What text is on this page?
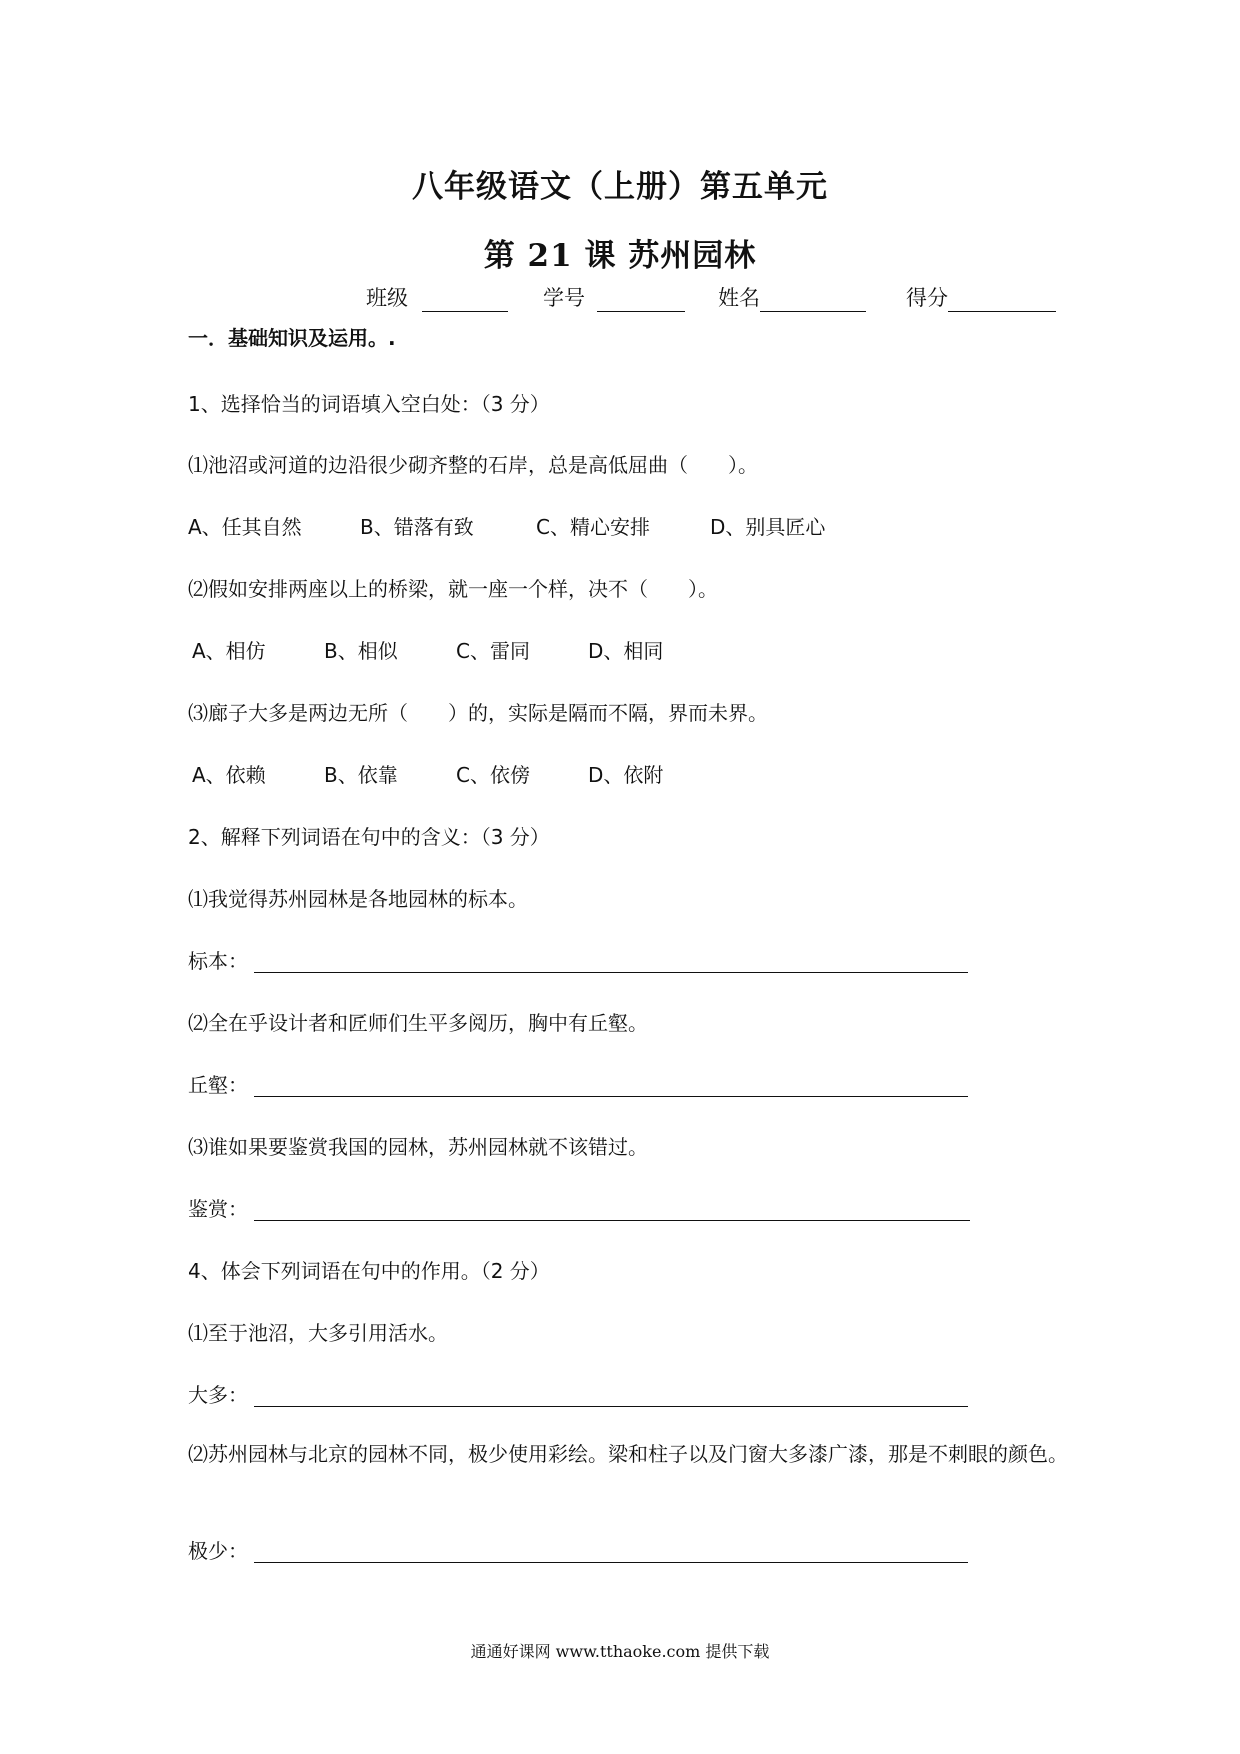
八年级语文（上册）第五单元
第 21 课 苏州园林
班级	学号	姓名	得分
一．基础知识及运用。.
1、选择恰当的词语填入空白处：（3 分）
⑴池沼或河道的边沿很少砌齐整的石岸，总是高低屈曲（　　）。
A、任其自然	B、错落有致	C、精心安排	D、别具匠心
⑵假如安排两座以上的桥梁，就一座一个样，决不（　　）。
A、相仿	B、相似	C、雷同	D、相同
⑶廊子大多是两边无所（　　）的，实际是隔而不隔，界而未界。
A、依赖	B、依靠	C、依傍	D、依附
2、解释下列词语在句中的含义：（3 分）
⑴我觉得苏州园林是各地园林的标本。
标本：
⑵全在乎设计者和匠师们生平多阅历，胸中有丘壑。
丘壑：
⑶谁如果要鉴赏我国的园林，苏州园林就不该错过。
鉴赏：
4、体会下列词语在句中的作用。（2 分）
⑴至于池沼，大多引用活水。
大多：
⑵苏州园林与北京的园林不同，极少使用彩绘。梁和柱子以及门窗大多漆广漆，那是不刺眼的颜色。
极少：
通通好课网 www.tthaoke.com 提供下载
